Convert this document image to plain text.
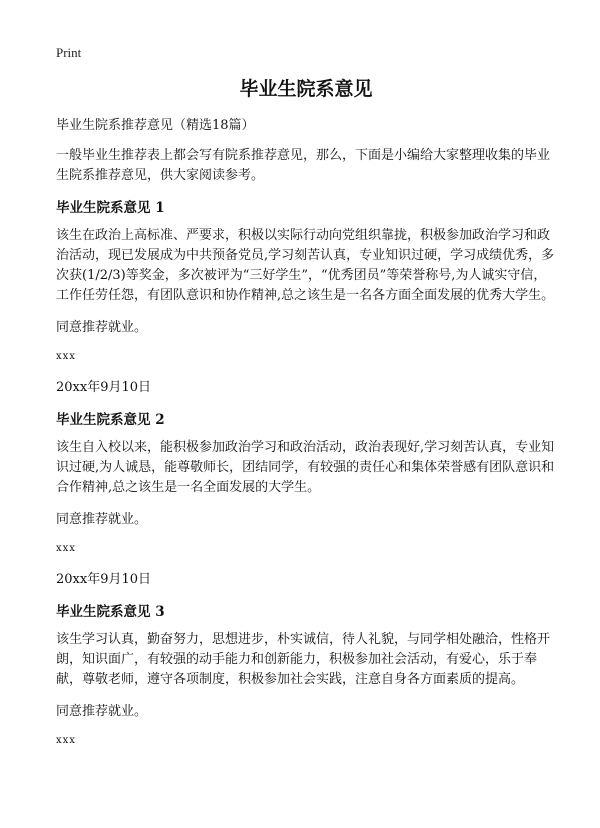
Print
毕业生院系意见
毕业生院系推荐意见（精选18篇）

一般毕业生推荐表上都会写有院系推荐意见，那么，下面是小编给大家整理收集的毕业生院系推荐意见，供大家阅读参考。

毕业生院系意见 1

该生在政治上高标准、严要求，积极以实际行动向党组织靠拢，积极参加政治学习和政治活动，现已发展成为中共预备党员,学习刻苦认真，专业知识过硬，学习成绩优秀，多次获(1/2/3)等奖金，多次被评为“三好学生”，“优秀团员”等荣誉称号,为人诚实守信，工作任劳任怨，有团队意识和协作精神,总之该生是一名各方面全面发展的优秀大学生。

同意推荐就业。

xxx
20xx年9月10日
毕业生院系意见 2

该生自入校以来，能积极参加政治学习和政治活动，政治表现好,学习刻苦认真，专业知识过硬,为人诚恳，能尊敬师长，团结同学，有较强的责任心和集体荣誉感有团队意识和合作精神,总之该生是一名全面发展的大学生。

同意推荐就业。

xxx
20xx年9月10日
毕业生院系意见 3

该生学习认真，勤奋努力，思想进步，朴实诚信，待人礼貌，与同学相处融洽，性格开朗，知识面广，有较强的动手能力和创新能力，积极参加社会活动，有爱心，乐于奉献，尊敬老师，遵守各项制度，积极参加社会实践，注意自身各方面素质的提高。

同意推荐就业。

xxx
